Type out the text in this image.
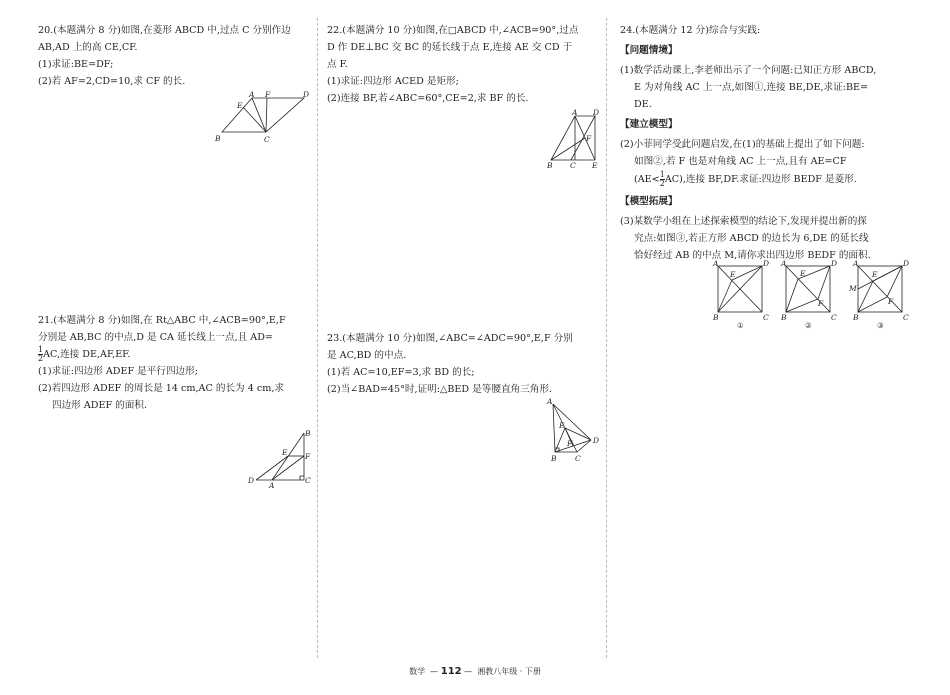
20.(本题满分 8 分)如图,在菱形 ABCD 中,过点 C 分别作边

AB,AD 上的高 CE,CF.

(1)求证:BE=DF;

(2)若 AF=2,CD=10,求 CF 的长.

E
A F	D
B	C

21.(本题满分 8 分)如图,在 Rt△ABC 中,∠ACB=90°,E,F

分别是 AB,BC 的中点,D 是 CA 延长线上一点,且 AD=

$\frac{1}{2}$ AC,连接 DE,AF,EF.

(1)求证:四边形 ADEF 是平行四边形;

(2)若四边形 ADEF 的周长是 14 cm,AC 的长为 4 cm,求

四边形 ADEF 的面积.

B
E F
D
A
C

22.(本题满分 10 分)如图,在□ABCD 中,∠ACB=90°,过点

D 作 DE⊥BC 交 BC 的延长线于点 E,连接 AE 交 CD 于

点 F.

(1)求证:四边形 ACED 是矩形;

(2)连接 BF,若∠ABC=60°,CE=2,求 BF 的长.

A D
F
B C E

23.(本题满分 10 分)如图,∠ABC=∠ADC=90°,E,F 分别

是 AC,BD 的中点.

(1)若 AC=10,EF=3,求 BD 的长;

(2)当∠BAD=45°时,证明:△BED 是等腰直角三角形.

A
E
F	D
B C

24.(本题满分 12 分)综合与实践:

【问题情境】

(1)数学活动课上,李老师出示了一个问题:已知正方形 ABCD,

E 为对角线 AC 上一点,如图①,连接 BE,DE,求证:BE=

DE.

【建立模型】

(2)小菲同学受此问题启发,在(1)的基础上提出了如下问题:

如图②,若 F 也是对角线 AC 上一点,且有 AE=CF

$(AE< \frac{1}{2} AC)$,连接 BF,DF.求证:四边形 BEDF 是菱形.

【模型拓展】

(3)某数学小组在上述探索模型的结论下,发现并提出新的探

究点:如图③,若正方形 ABCD 的边长为 6,DE 的延长线

恰好经过 AB 的中点 M,请你求出四边形 BEDF 的面积.

A	D
E
B	C
①
A	D
E
F
B	C
②
A	D
E
M
F
B	C
③
数学  — 112 —  湘教八年级 · 下册
